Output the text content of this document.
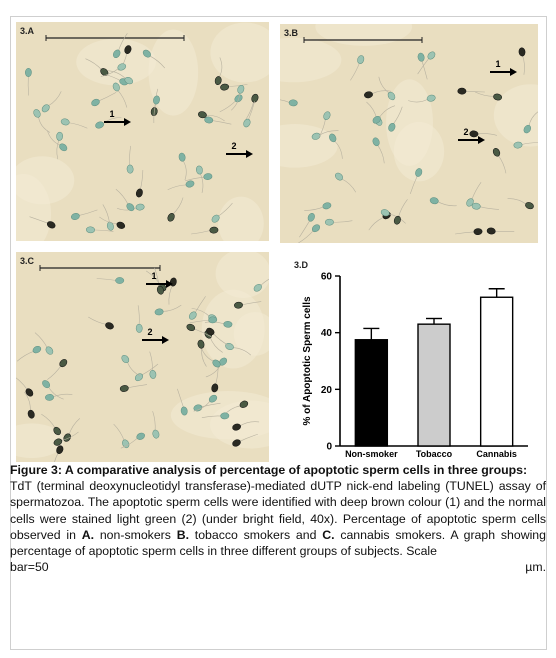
1
2
3.A
1
2
3.B
1
2
3.C	3.D
0
20
40
60
% of Apoptotic Sperm cells
Non-smoker Tobacco	Cannabis

Figure 3: A comparative analysis of percentage of apoptotic sperm cells in three groups:

TdT (terminal deoxynucleotidyl transferase)-mediated dUTP nick-end labeling (TUNEL) assay of spermatozoa. The apoptotic sperm cells were identified with deep brown colour (1) and the normal cells were stained light green (2) (under bright field, 40x). Percentage of apoptotic sperm cells observed in A. non-smokers B. tobacco smokers and C. cannabis smokers. A graph showing percentage of apoptotic sperm cells in three different groups of subjects. Scale

bar=50	µm.
